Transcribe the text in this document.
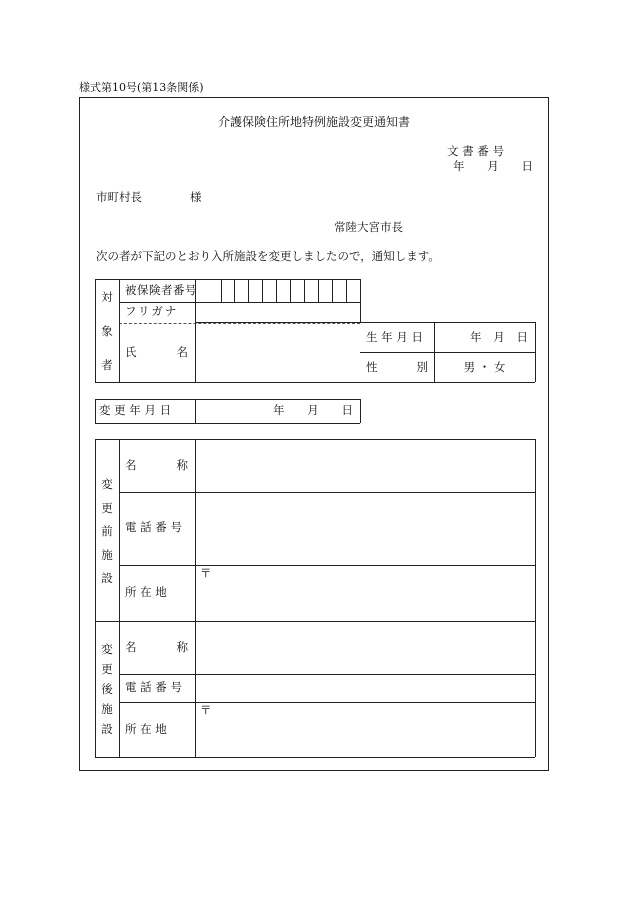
様式第10号(第13条関係)
介護保険住所地特例施設変更通知書
文 書 番 号
年 月 日
市町村長	様
常陸大宮市長
次の者が下記のとおり入所施設を変更しましたので，通知します。
対
象
者
被保険者番号
フリガナ
氏	名
生 年 月 日	年 月 日
性	別	男 ・ 女
変 更 年 月 日	年 月 日
変
更
前
施
設
名	称
電 話 番 号
〒
所 在 地
変
更
後
施
設
名	称
電 話 番 号
〒
所 在 地
